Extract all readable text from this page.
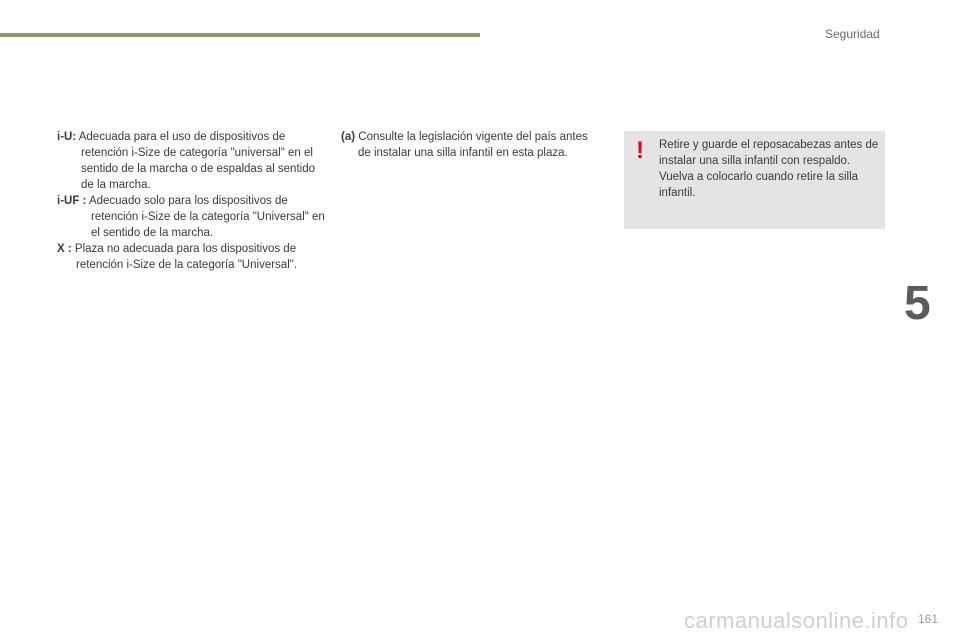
Seguridad

i-U: Adecuada para el uso de dispositivos de retención i-Size de categoría "universal" en el sentido de la marcha o de espaldas al sentido de la marcha.

i-UF : Adecuado solo para los dispositivos de retención i-Size de la categoría "Universal" en el sentido de la marcha.

X : Plaza no adecuada para los dispositivos de retención i-Size de la categoría "Universal".

(a) Consulte la legislación vigente del país antes de instalar una silla infantil en esta plaza.	! Retire y guarde el reposacabezas antes de instalar una silla infantil con respaldo.

Vuelva a colocarlo cuando retire la silla infantil.

5
carmanualsonline.info 161
